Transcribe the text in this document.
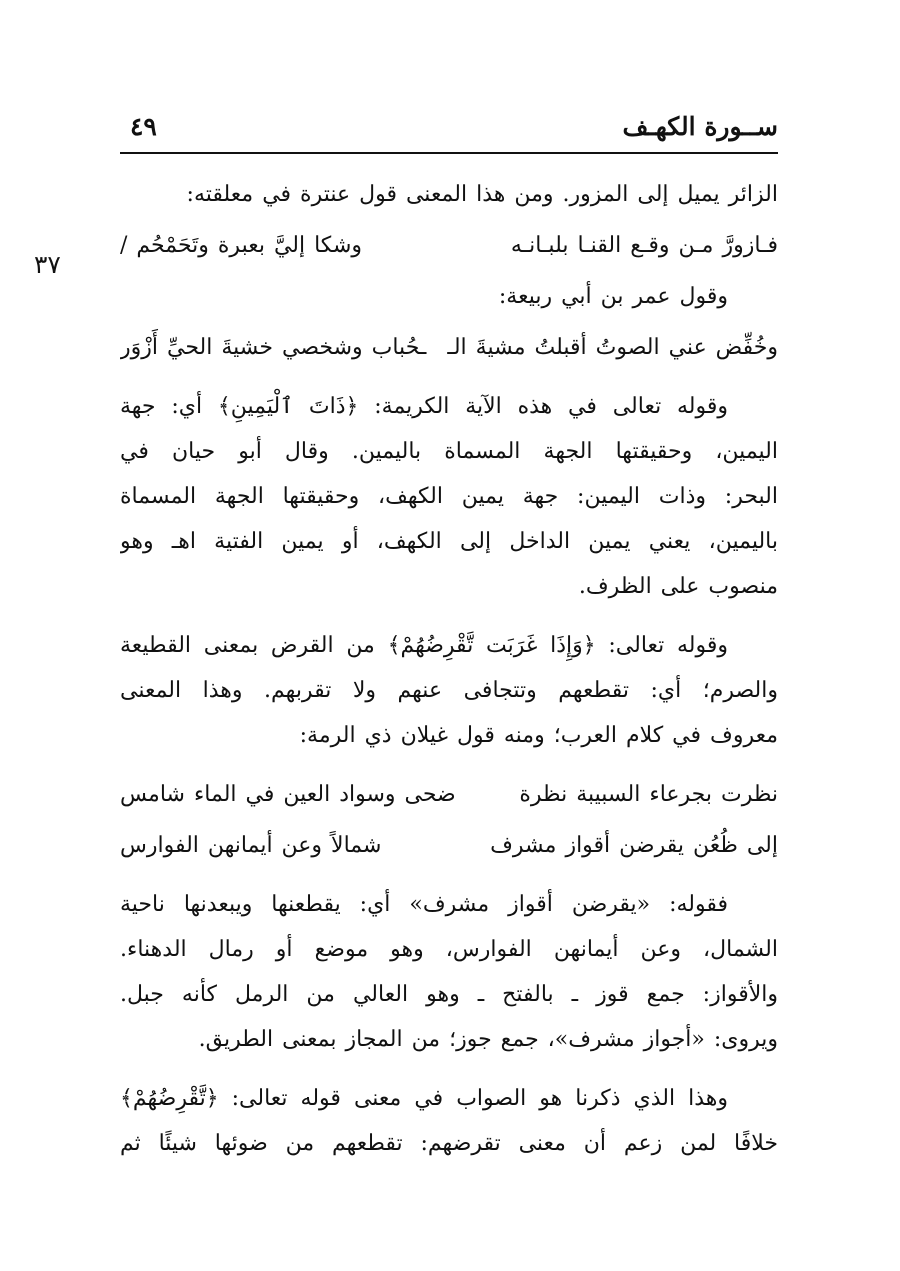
ســورة الكهـف
٤٩
٣٧
الزائر يميل إلى المزور. ومن هذا المعنى قول عنترة في معلقته:
فـازورَّ مـن وقـع القنـا بلبـانـه
وشكا إليَّ بعبرة وتَحَمْحُم /
وقول عمر بن أبي ربيعة:
وخُفِّض عني الصوتُ أقبلتُ مشيةَ الـ
ـحُباب وشخصي خشيةَ الحيِّ أَزْوَر
وقوله تعالى في هذه الآية الكريمة: ﴿ذَاتَ ٱلْيَمِينِ﴾ أي: جهة
اليمين، وحقيقتها الجهة المسماة باليمين. وقال أبو حيان في
البحر: وذات اليمين: جهة يمين الكهف، وحقيقتها الجهة المسماة
باليمين، يعني يمين الداخل إلى الكهف، أو يمين الفتية اهـ وهو
منصوب على الظرف.
وقوله تعالى: ﴿وَإِذَا غَرَبَت تَّقْرِضُهُمْ﴾ من القرض بمعنى القطيعة
والصرم؛ أي: تقطعهم وتتجافى عنهم ولا تقربهم. وهذا المعنى
معروف في كلام العرب؛ ومنه قول غيلان ذي الرمة:
نظرت بجرعاء السبيبة نظرة
ضحى وسواد العين في الماء شامس
إلى ظُعُن يقرضن أقواز مشرف
شمالاً وعن أيمانهن الفوارس
فقوله: «يقرضن أقواز مشرف» أي: يقطعنها ويبعدنها ناحية
الشمال، وعن أيمانهن الفوارس، وهو موضع أو رمال الدهناء.
والأقواز: جمع قوز ـ بالفتح ـ وهو العالي من الرمل كأنه جبل.
ويروى: «أجواز مشرف»، جمع جوز؛ من المجاز بمعنى الطريق.
وهذا الذي ذكرنا هو الصواب في معنى قوله تعالى: ﴿تَّقْرِضُهُمْ﴾
خلافًا لمن زعم أن معنى تقرضهم: تقطعهم من ضوئها شيئًا ثم
